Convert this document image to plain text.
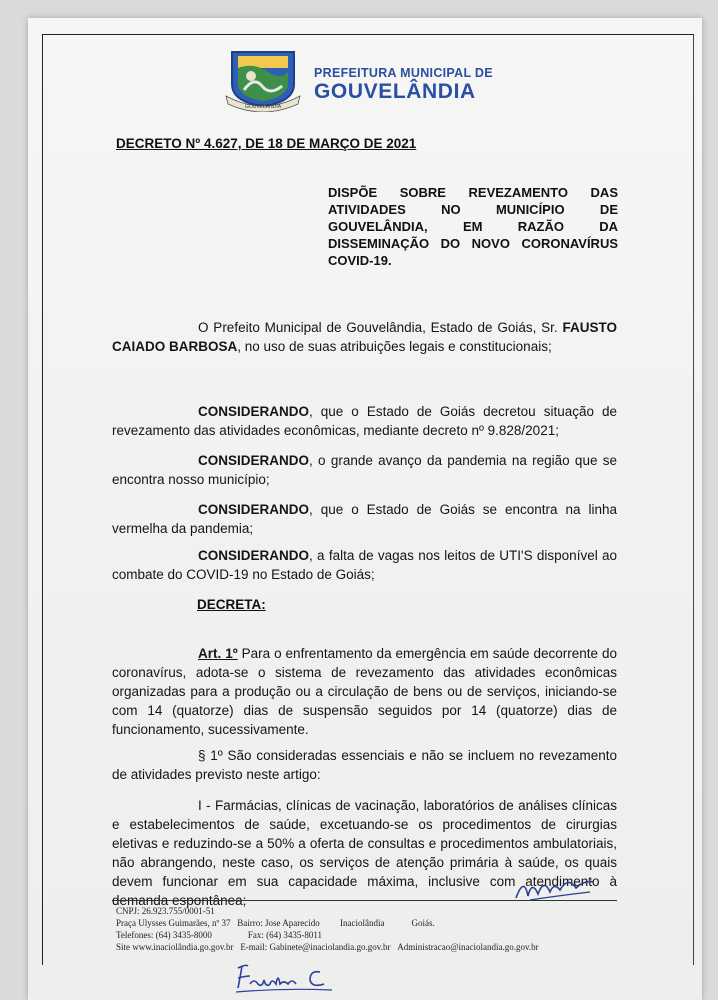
GOUVELANDIA
PREFEITURA MUNICIPAL DE
GOUVELÂNDIA
DECRETO Nº 4.627, DE 18 DE MARÇO DE 2021
DISPÕE SOBRE REVEZAMENTO DAS ATIVIDADES NO MUNICÍPIO DE GOUVELÂNDIA, EM RAZÃO DA DISSEMINAÇÃO DO NOVO CORONAVÍRUS COVID-19.
O Prefeito Municipal de Gouvelândia, Estado de Goiás, Sr. FAUSTO CAIADO BARBOSA, no uso de suas atribuições legais e constitucionais;
CONSIDERANDO, que o Estado de Goiás decretou situação de revezamento das atividades econômicas, mediante decreto nº 9.828/2021;
CONSIDERANDO, o grande avanço da pandemia na região que se encontra nosso município;
CONSIDERANDO, que o Estado de Goiás se encontra na linha vermelha da pandemia;
CONSIDERANDO, a falta de vagas nos leitos de UTI'S disponível ao combate do COVID-19 no Estado de Goiás;
DECRETA:
Art. 1º Para o enfrentamento da emergência em saúde decorrente do coronavírus, adota-se o sistema de revezamento das atividades econômicas organizadas para a produção ou a circulação de bens ou de serviços, iniciando-se com 14 (quatorze) dias de suspensão seguidos por 14 (quatorze) dias de funcionamento, sucessivamente.
§ 1º São consideradas essenciais e não se incluem no revezamento de atividades previsto neste artigo:
I - Farmácias, clínicas de vacinação, laboratórios de análises clínicas e estabelecimentos de saúde, excetuando-se os procedimentos de cirurgias eletivas e reduzindo-se a 50% a oferta de consultas e procedimentos ambulatoriais, não abrangendo, neste caso, os serviços de atenção primária à saúde, os quais devem funcionar em sua capacidade máxima, inclusive com atendimento à demanda espontânea;
CNPJ: 26.923.755/0001-51
Praça Ulysses Guimarães, nº 37 Bairro: Jose Aparecido Inaciolândia	Goiás.
Telefones: (64) 3435-8000	Fax: (64) 3435-8011
Site www.inaciolândia.go.gov.br E-mail: Gabinete@inaciolandia.go.gov.br Administracao@inaciolandia.go.gov.br
